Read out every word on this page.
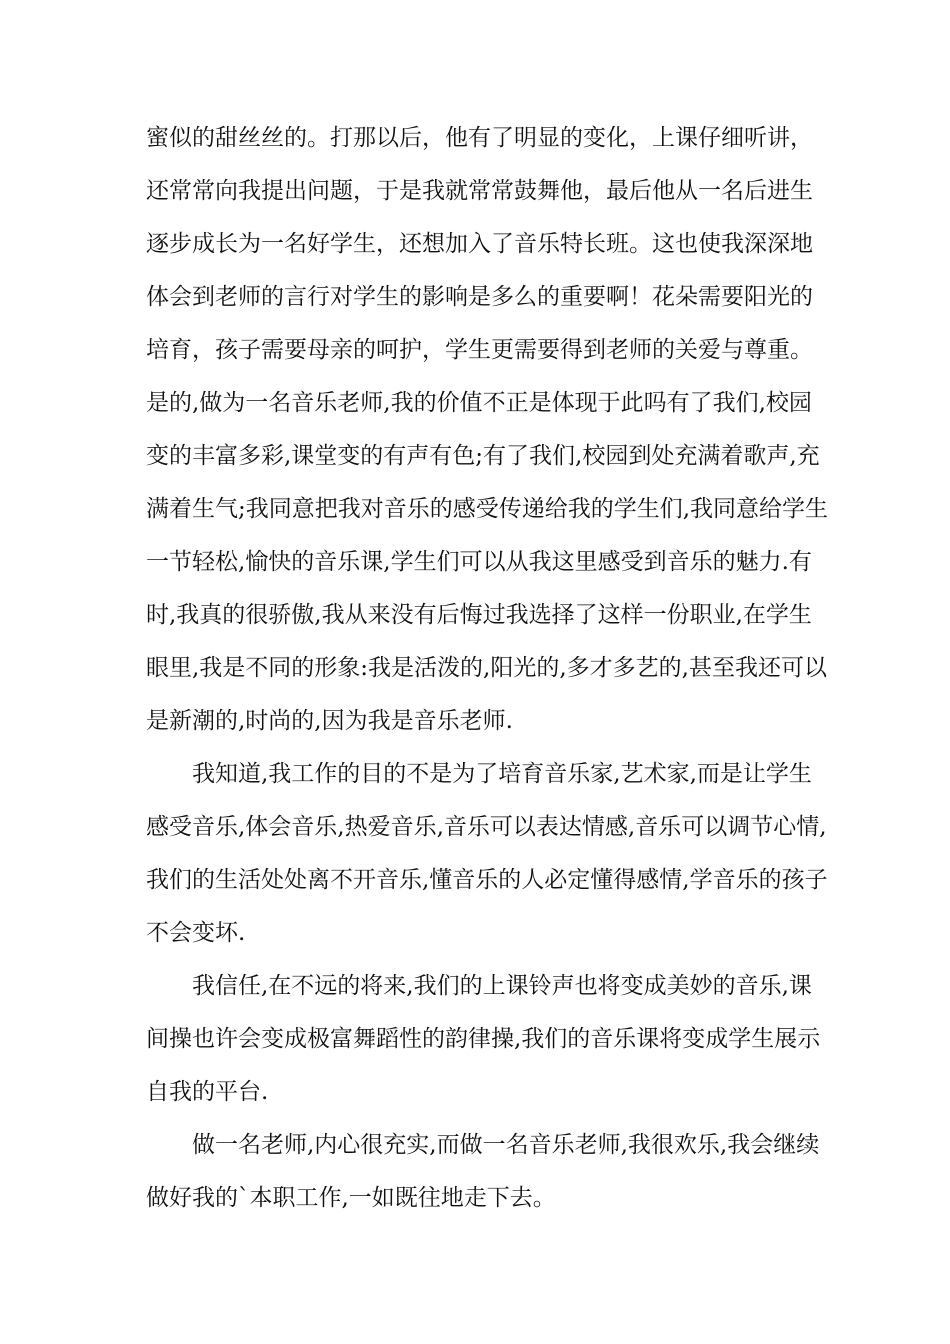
蜜似的甜丝丝的。打那以后，他有了明显的变化，上课仔细听讲，
还常常向我提出问题，于是我就常常鼓舞他，最后他从一名后进生
逐步成长为一名好学生，还想加入了音乐特长班。这也使我深深地
体会到老师的言行对学生的影响是多么的重要啊！花朵需要阳光的
培育，孩子需要母亲的呵护，学生更需要得到老师的关爱与尊重。
是的,做为一名音乐老师,我的价值不正是体现于此吗有了我们,校园
变的丰富多彩,课堂变的有声有色;有了我们,校园到处充满着歌声,充
满着生气;我同意把我对音乐的感受传递给我的学生们,我同意给学生
一节轻松,愉快的音乐课,学生们可以从我这里感受到音乐的魅力.有
时,我真的很骄傲,我从来没有后悔过我选择了这样一份职业,在学生
眼里,我是不同的形象:我是活泼的,阳光的,多才多艺的,甚至我还可以
是新潮的,时尚的,因为我是音乐老师.
我知道,我工作的目的不是为了培育音乐家,艺术家,而是让学生
感受音乐,体会音乐,热爱音乐,音乐可以表达情感,音乐可以调节心情,
我们的生活处处离不开音乐,懂音乐的人必定懂得感情,学音乐的孩子
不会变坏.
我信任,在不远的将来,我们的上课铃声也将变成美妙的音乐,课
间操也许会变成极富舞蹈性的韵律操,我们的音乐课将变成学生展示
自我的平台.
做一名老师,内心很充实,而做一名音乐老师,我很欢乐,我会继续
做好我的`本职工作,一如既往地走下去。
